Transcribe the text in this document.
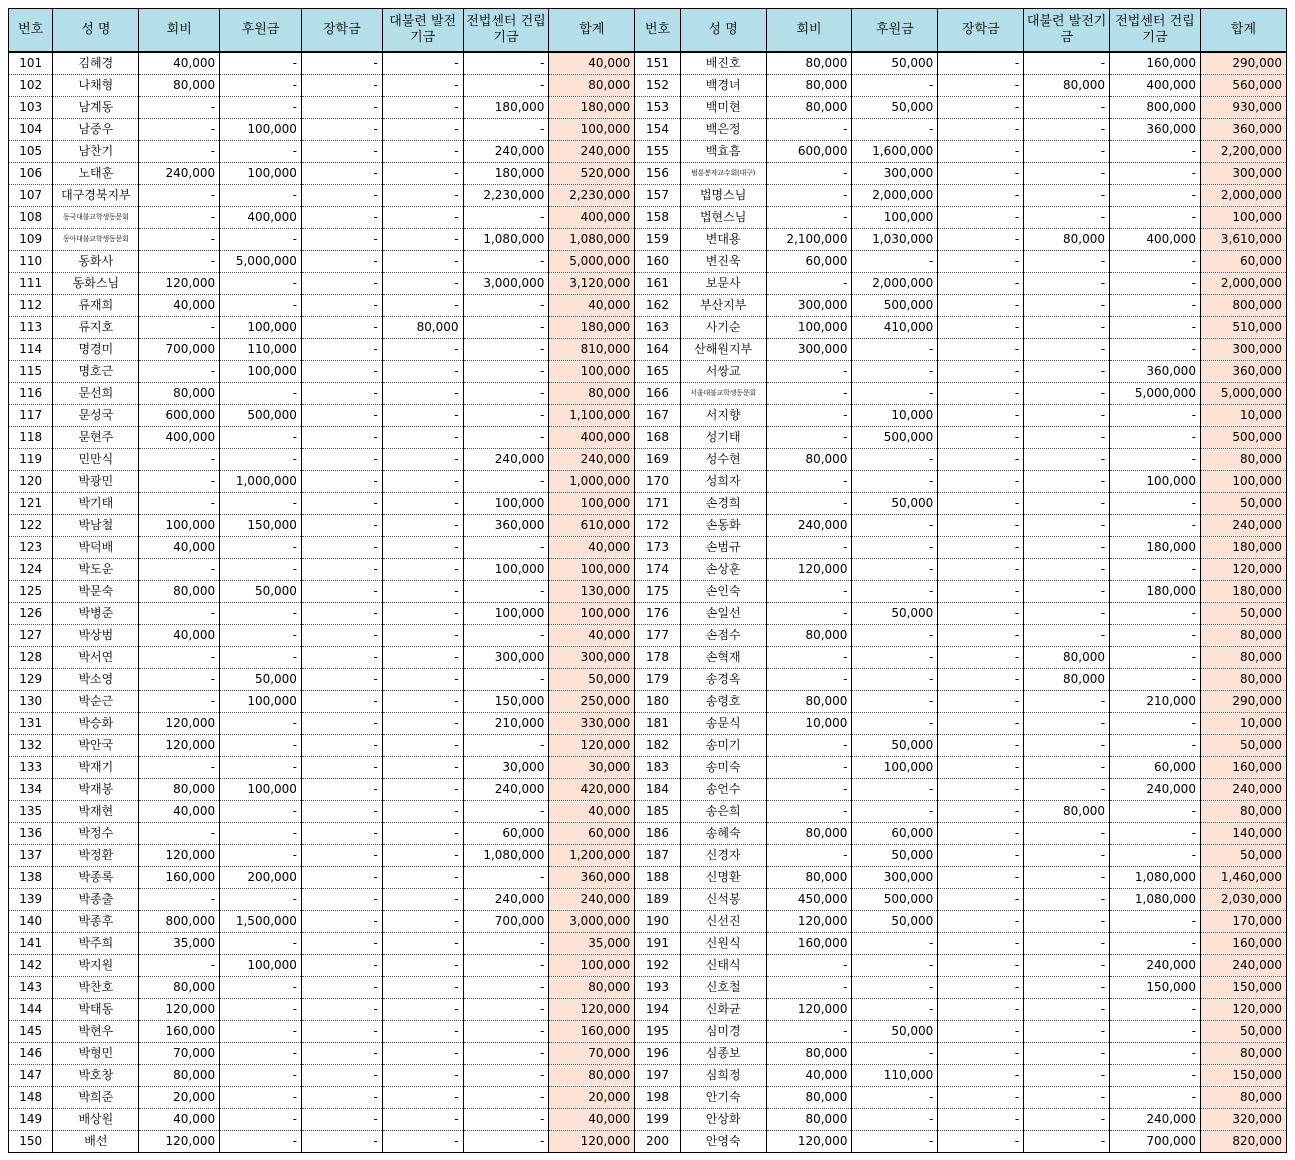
번호	성 명	회비	후원금	장학금	대불련 발전기금	전법센터 건립기금	합계	번호	성 명	회비	후원금	장학금	대불련 발전기금	전법센터 건립기금	합계
101	김혜경	40,000	-	-	-	-	40,000	151	배진호	80,000	50,000	-	-	160,000	290,000
102	나채형	80,000	-	-	-	-	80,000	152	백경녀	80,000	-	-	80,000	400,000	560,000
103	남계동	-	-	-	-	180,000	180,000	153	백미현	80,000	50,000	-	-	800,000	930,000
104	남중우	-	100,000	-	-	-	100,000	154	백은정	-	-	-	-	360,000	360,000
105	남찬기	-	-	-	-	240,000	240,000	155	백효흠	600,000	1,600,000	-	-	-	2,200,000
106	노태훈	240,000	100,000	-	-	180,000	520,000	156	범룡봉자교수회(대구)	-	300,000	-	-	-	300,000
107	대구경북지부	-	-	-	-	2,230,000	2,230,000	157	법명스님	-	2,000,000	-	-	-	2,000,000
108	동국대불교학생동문회	-	400,000	-	-	-	400,000	158	법현스님	-	100,000	-	-	-	100,000
109	동아대불교학생동문회	-	-	-	-	1,080,000	1,080,000	159	변대용	2,100,000	1,030,000	-	80,000	400,000	3,610,000
110	동화사	-	5,000,000	-	-	-	5,000,000	160	변진욱	60,000	-	-	-	-	60,000
111	동화스님	120,000	-	-	-	3,000,000	3,120,000	161	보문사	-	2,000,000	-	-	-	2,000,000
112	류재희	40,000	-	-	-	-	40,000	162	부산지부	300,000	500,000	-	-	-	800,000
113	류지호	-	100,000	-	80,000	-	180,000	163	사기순	100,000	410,000	-	-	-	510,000
114	명경미	700,000	110,000	-	-	-	810,000	164	산해원지부	300,000	-	-	-	-	300,000
115	명호근	-	100,000	-	-	-	100,000	165	서쌍교	-	-	-	-	360,000	360,000
116	문선희	80,000	-	-	-	-	80,000	166	서울대불교학생동문회	-	-	-	-	5,000,000	5,000,000
117	문성국	600,000	500,000	-	-	-	1,100,000	167	서지향	-	10,000	-	-	-	10,000
118	문현주	400,000	-	-	-	-	400,000	168	성기태	-	500,000	-	-	-	500,000
119	민만식	-	-	-	-	240,000	240,000	169	성수현	80,000	-	-	-	-	80,000
120	박광민	-	1,000,000	-	-	-	1,000,000	170	성희자	-	-	-	-	100,000	100,000
121	박기태	-	-	-	-	100,000	100,000	171	손경희	-	50,000	-	-	-	50,000
122	박남철	100,000	150,000	-	-	360,000	610,000	172	손동화	240,000	-	-	-	-	240,000
123	박덕배	40,000	-	-	-	-	40,000	173	손범규	-	-	-	-	180,000	180,000
124	박도운	-	-	-	-	100,000	100,000	174	손상훈	120,000	-	-	-	-	120,000
125	박문숙	80,000	50,000	-	-	-	130,000	175	손인숙	-	-	-	-	180,000	180,000
126	박병준	-	-	-	-	100,000	100,000	176	손일선	-	50,000	-	-	-	50,000
127	박상범	40,000	-	-	-	-	40,000	177	손점수	80,000	-	-	-	-	80,000
128	박서연	-	-	-	-	300,000	300,000	178	손혁재	-	-	-	80,000	-	80,000
129	박소영	-	50,000	-	-	-	50,000	179	송경옥	-	-	-	80,000	-	80,000
130	박순근	-	100,000	-	-	150,000	250,000	180	송령호	80,000	-	-	-	210,000	290,000
131	박승화	120,000	-	-	-	210,000	330,000	181	송문식	10,000	-	-	-	-	10,000
132	박안국	120,000	-	-	-	-	120,000	182	송미기	-	50,000	-	-	-	50,000
133	박재기	-	-	-	-	30,000	30,000	183	송미숙	-	100,000	-	-	60,000	160,000
134	박재봉	80,000	100,000	-	-	240,000	420,000	184	송언수	-	-	-	-	240,000	240,000
135	박재현	40,000	-	-	-	-	40,000	185	송은희	-	-	-	80,000	-	80,000
136	박정수	-	-	-	-	60,000	60,000	186	송혜숙	80,000	60,000	-	-	-	140,000
137	박정환	120,000	-	-	-	1,080,000	1,200,000	187	신경자	-	50,000	-	-	-	50,000
138	박종록	160,000	200,000	-	-	-	360,000	188	신명환	80,000	300,000	-	-	1,080,000	1,460,000
139	박종출	-	-	-	-	240,000	240,000	189	신석봉	450,000	500,000	-	-	1,080,000	2,030,000
140	박종후	800,000	1,500,000	-	-	700,000	3,000,000	190	신선진	120,000	50,000	-	-	-	170,000
141	박주희	35,000	-	-	-	-	35,000	191	신원식	160,000	-	-	-	-	160,000
142	박지원	-	100,000	-	-	-	100,000	192	신태식	-	-	-	-	240,000	240,000
143	박찬호	80,000	-	-	-	-	80,000	193	신호철	-	-	-	-	150,000	150,000
144	박태동	120,000	-	-	-	-	120,000	194	신화균	120,000	-	-	-	-	120,000
145	박현우	160,000	-	-	-	-	160,000	195	심미경	-	50,000	-	-	-	50,000
146	박형민	70,000	-	-	-	-	70,000	196	심종보	80,000	-	-	-	-	80,000
147	박호창	80,000	-	-	-	-	80,000	197	심희정	40,000	110,000	-	-	-	150,000
148	박희준	20,000	-	-	-	-	20,000	198	안기숙	80,000	-	-	-	-	80,000
149	배상원	40,000	-	-	-	-	40,000	199	안상화	80,000	-	-	-	240,000	320,000
150	배선	120,000	-	-	-	-	120,000	200	안영숙	120,000	-	-	-	700,000	820,000
